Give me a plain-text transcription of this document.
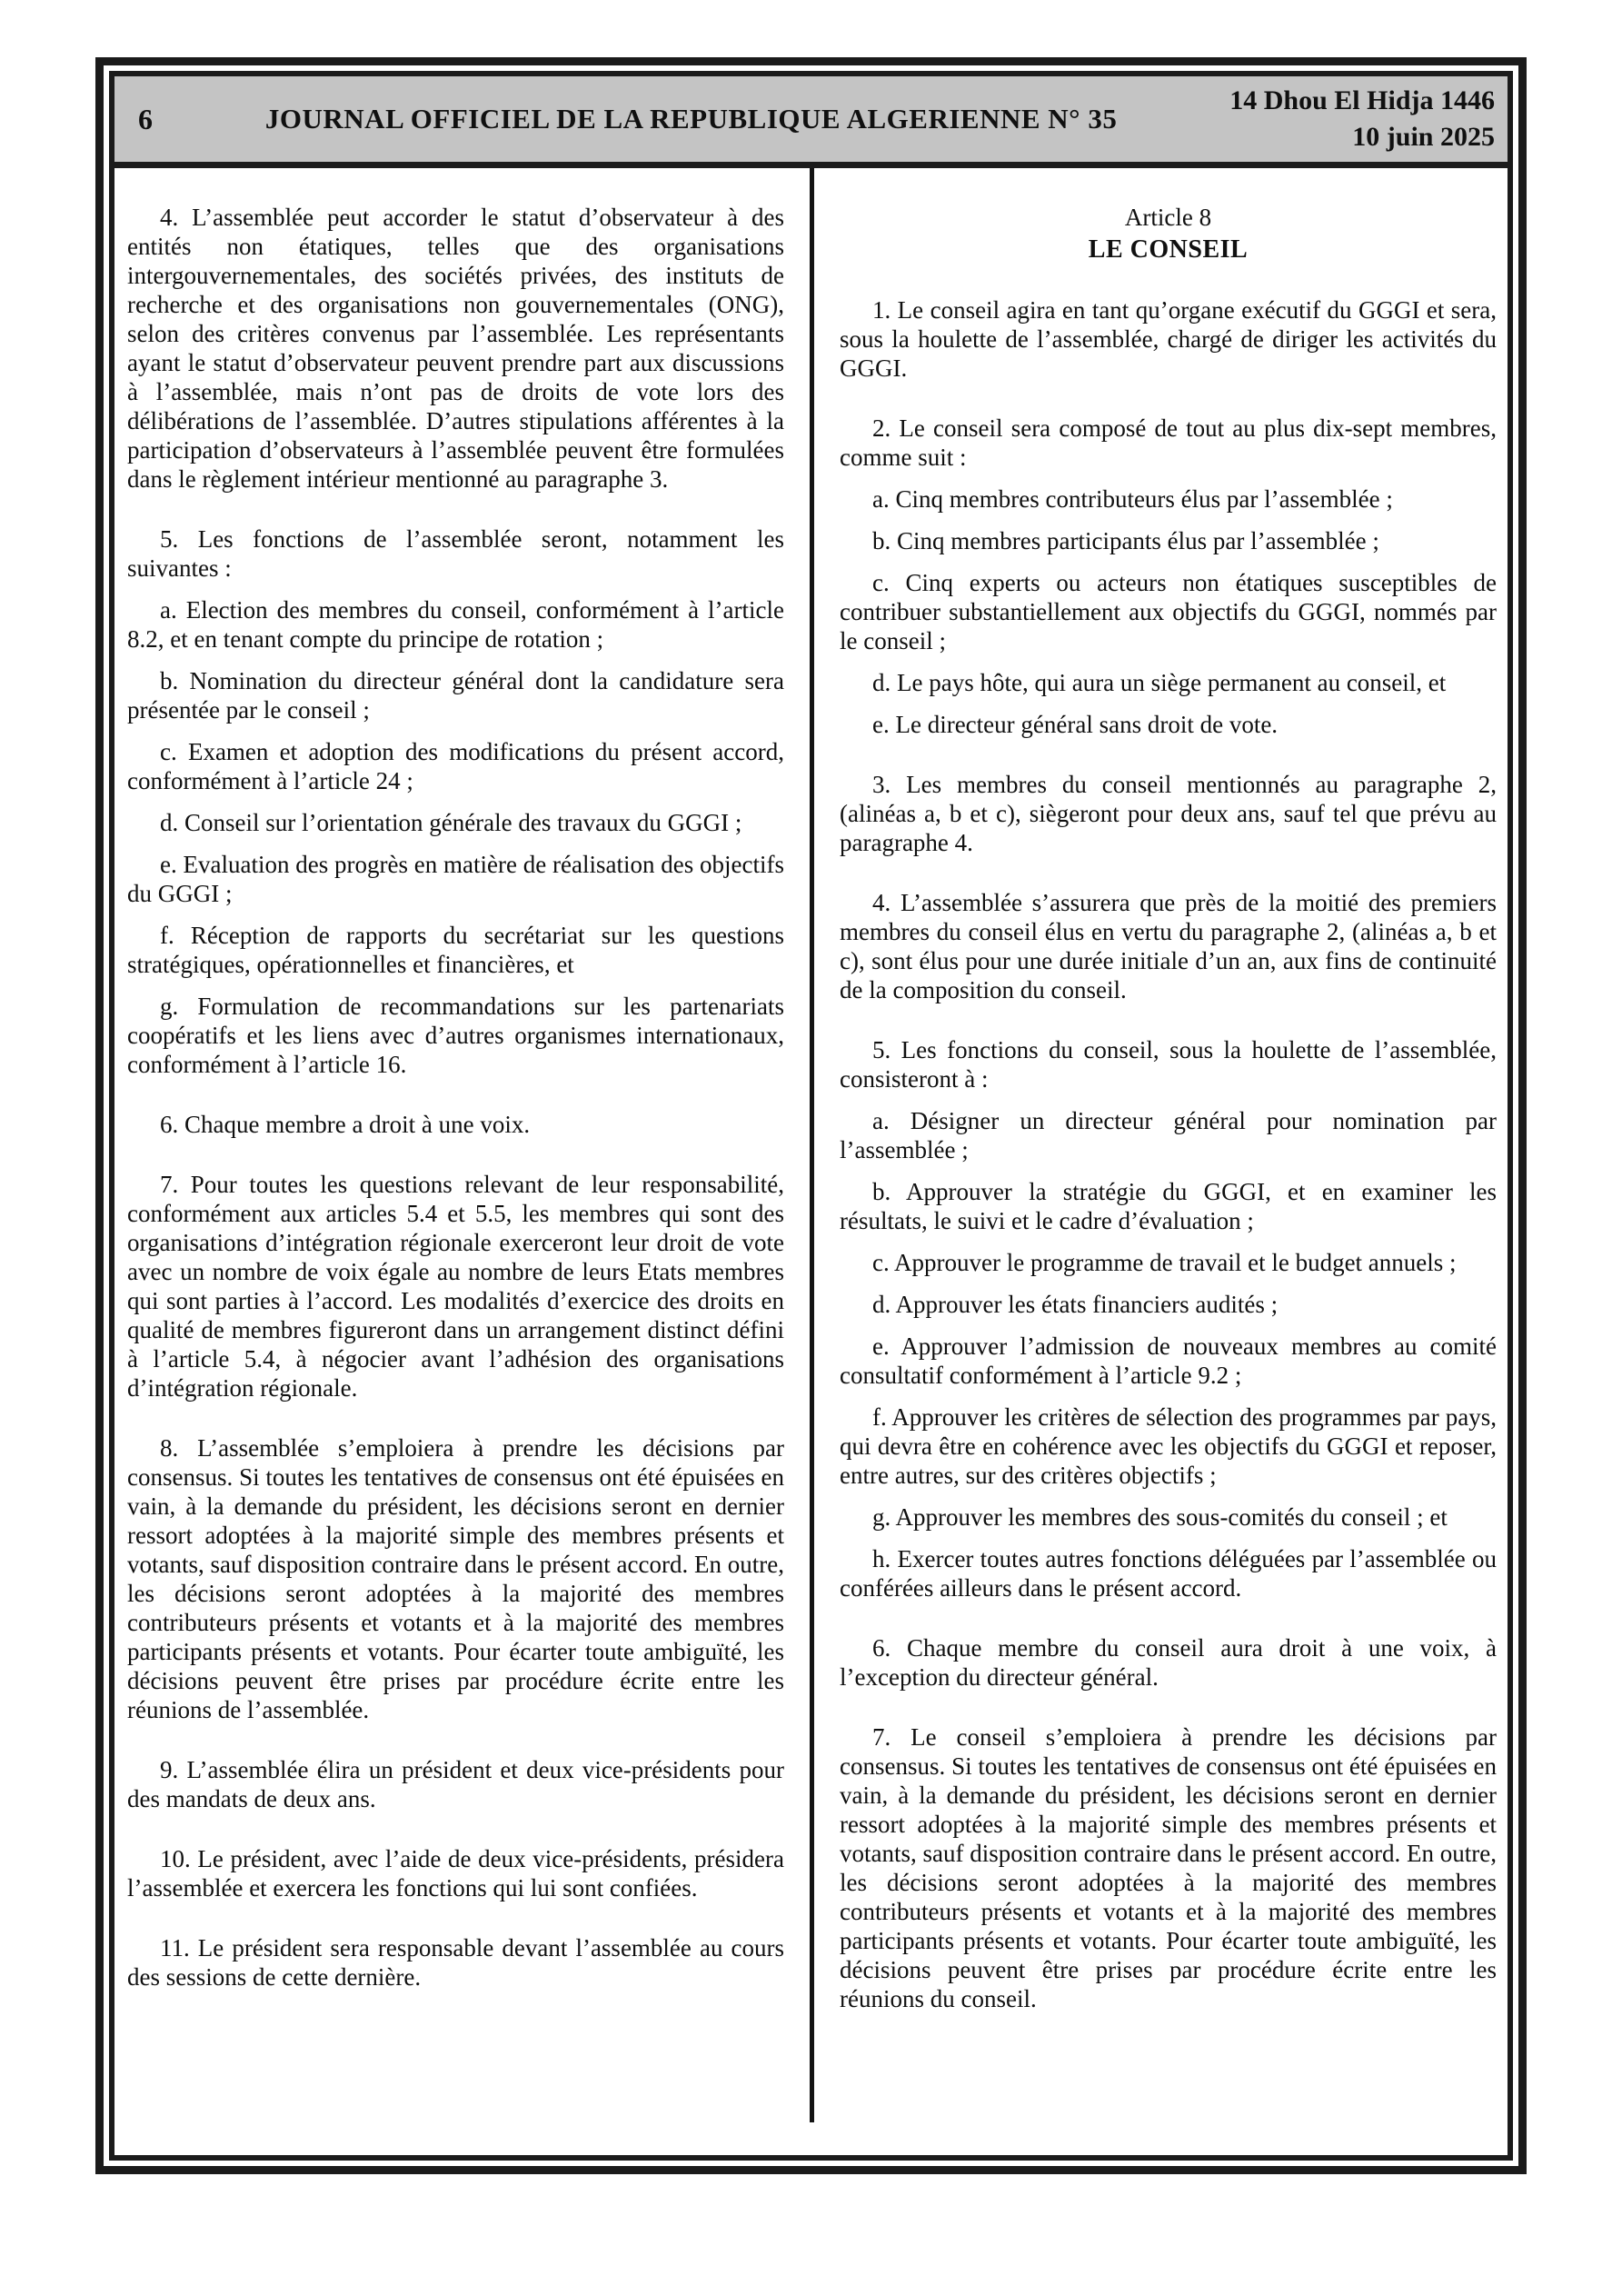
6	JOURNAL OFFICIEL DE LA REPUBLIQUE ALGERIENNE N° 35
14 Dhou El Hidja 1446
10 juin 2025

4. L’assemblée peut accorder le statut d’observateur à des entités non étatiques, telles que des organisations intergouvernementales, des sociétés privées, des instituts de recherche et des organisations non gouvernementales (ONG), selon des critères convenus par l’assemblée. Les représentants ayant le statut d’observateur peuvent prendre part aux discussions à l’assemblée, mais n’ont pas de droits de vote lors des délibérations de l’assemblée. D’autres stipulations afférentes à la participation d’observateurs à l’assemblée peuvent être formulées dans le règlement intérieur mentionné au paragraphe 3.

5. Les fonctions de l’assemblée seront, notamment les suivantes :

a. Election des membres du conseil, conformément à l’article 8.2, et en tenant compte du principe de rotation ;

b. Nomination du directeur général dont la candidature sera présentée par le conseil ;

c. Examen et adoption des modifications du présent accord, conformément à l’article 24 ;

d. Conseil sur l’orientation générale des travaux du GGGI ;

e. Evaluation des progrès en matière de réalisation des objectifs du GGGI ;

f. Réception de rapports du secrétariat sur les questions stratégiques, opérationnelles et financières, et

g. Formulation de recommandations sur les partenariats coopératifs et les liens avec d’autres organismes internationaux, conformément à l’article 16.

6. Chaque membre a droit à une voix.

7. Pour toutes les questions relevant de leur responsabilité, conformément aux articles 5.4 et 5.5, les membres qui sont des organisations d’intégration régionale exerceront leur droit de vote avec un nombre de voix égale au nombre de leurs Etats membres qui sont parties à l’accord. Les modalités d’exercice des droits en qualité de membres figureront dans un arrangement distinct défini à l’article 5.4, à négocier avant l’adhésion des organisations d’intégration régionale.

8. L’assemblée s’emploiera à prendre les décisions par consensus. Si toutes les tentatives de consensus ont été épuisées en vain, à la demande du président, les décisions seront en dernier ressort adoptées à la majorité simple des membres présents et votants, sauf disposition contraire dans le présent accord. En outre, les décisions seront adoptées à la majorité des membres contributeurs présents et votants et à la majorité des membres participants présents et votants. Pour écarter toute ambiguïté, les décisions peuvent être prises par procédure écrite entre les réunions de l’assemblée.

9. L’assemblée élira un président et deux vice-présidents pour des mandats de deux ans.

10. Le président, avec l’aide de deux vice-présidents, présidera l’assemblée et exercera les fonctions qui lui sont confiées.

11. Le président sera responsable devant l’assemblée au cours des sessions de cette dernière.

Article 8

LE CONSEIL

1. Le conseil agira en tant qu’organe exécutif du GGGI et sera, sous la houlette de l’assemblée, chargé de diriger les activités du GGGI.

2. Le conseil sera composé de tout au plus dix-sept membres, comme suit :

a. Cinq membres contributeurs élus par l’assemblée ;

b. Cinq membres participants élus par l’assemblée ;

c. Cinq experts ou acteurs non étatiques susceptibles de contribuer substantiellement aux objectifs du GGGI, nommés par le conseil ;

d. Le pays hôte, qui aura un siège permanent au conseil, et

e. Le directeur général sans droit de vote.

3. Les membres du conseil mentionnés au paragraphe 2, (alinéas a, b et c), siègeront pour deux ans, sauf tel que prévu au paragraphe 4.

4. L’assemblée s’assurera que près de la moitié des premiers membres du conseil élus en vertu du paragraphe 2, (alinéas a, b et c), sont élus pour une durée initiale d’un an, aux fins de continuité de la composition du conseil.

5. Les fonctions du conseil, sous la houlette de l’assemblée, consisteront à :

a. Désigner un directeur général pour nomination par l’assemblée ;

b. Approuver la stratégie du GGGI, et en examiner les résultats, le suivi et le cadre d’évaluation ;

c. Approuver le programme de travail et le budget annuels ;

d. Approuver les états financiers audités ;

e. Approuver l’admission de nouveaux membres au comité consultatif conformément à l’article 9.2 ;

f. Approuver les critères de sélection des programmes par pays, qui devra être en cohérence avec les objectifs du GGGI et reposer, entre autres, sur des critères objectifs ;

g. Approuver les membres des sous-comités du conseil ; et

h. Exercer toutes autres fonctions déléguées par l’assemblée ou conférées ailleurs dans le présent accord.

6. Chaque membre du conseil aura droit à une voix, à l’exception du directeur général.

7. Le conseil s’emploiera à prendre les décisions par consensus. Si toutes les tentatives de consensus ont été épuisées en vain, à la demande du président, les décisions seront en dernier ressort adoptées à la majorité simple des membres présents et votants, sauf disposition contraire dans le présent accord. En outre, les décisions seront adoptées à la majorité des membres contributeurs présents et votants et à la majorité des membres participants présents et votants. Pour écarter toute ambiguïté, les décisions peuvent être prises par procédure écrite entre les réunions du conseil.
